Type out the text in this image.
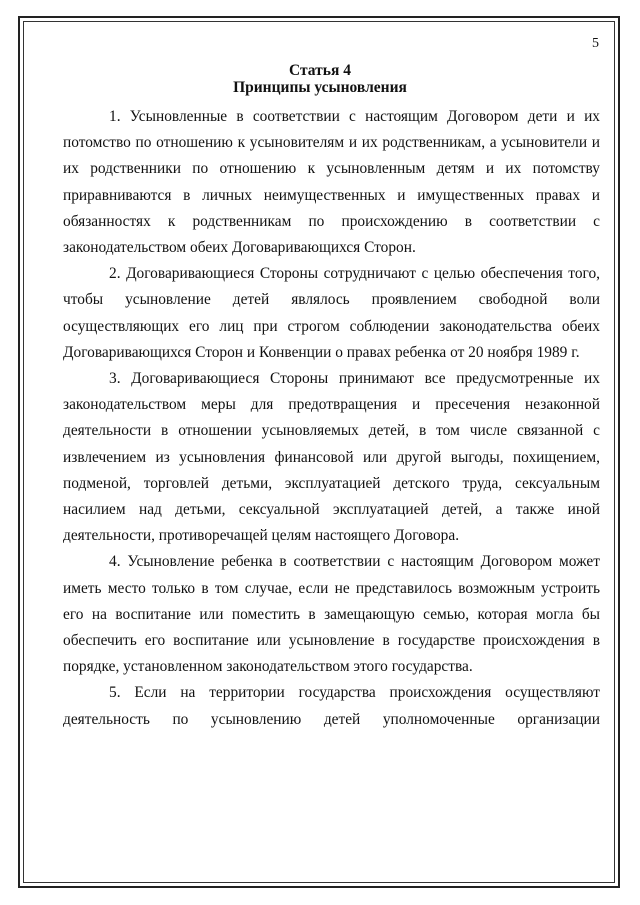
5
Статья 4
Принципы усыновления

1. Усыновленные в соответствии с настоящим Договором дети и их потомство по отношению к усыновителям и их родственникам, а усыновители и их родственники по отношению к усыновленным детям и их потомству приравниваются в личных неимущественных и имущественных правах и обязанностях к родственникам по происхождению в соответствии с законодательством обеих Договаривающихся Сторон.

2. Договаривающиеся Стороны сотрудничают с целью обеспечения того, чтобы усыновление детей являлось проявлением свободной воли осуществляющих его лиц при строгом соблюдении законодательства обеих Договаривающихся Сторон и Конвенции о правах ребенка от 20 ноября 1989 г.

3. Договаривающиеся Стороны принимают все предусмотренные их законодательством меры для предотвращения и пресечения незаконной деятельности в отношении усыновляемых детей, в том числе связанной с извлечением из усыновления финансовой или другой выгоды, похищением, подменой, торговлей детьми, эксплуатацией детского труда, сексуальным насилием над детьми, сексуальной эксплуатацией детей, а также иной деятельности, противоречащей целям настоящего Договора.

4. Усыновление ребенка в соответствии с настоящим Договором может иметь место только в том случае, если не представилось возможным устроить его на воспитание или поместить в замещающую семью, которая могла бы обеспечить его воспитание или усыновление в государстве происхождения в порядке, установленном законодательством этого государства.

5. Если на территории государства происхождения осуществляют деятельность по усыновлению детей уполномоченные организации
